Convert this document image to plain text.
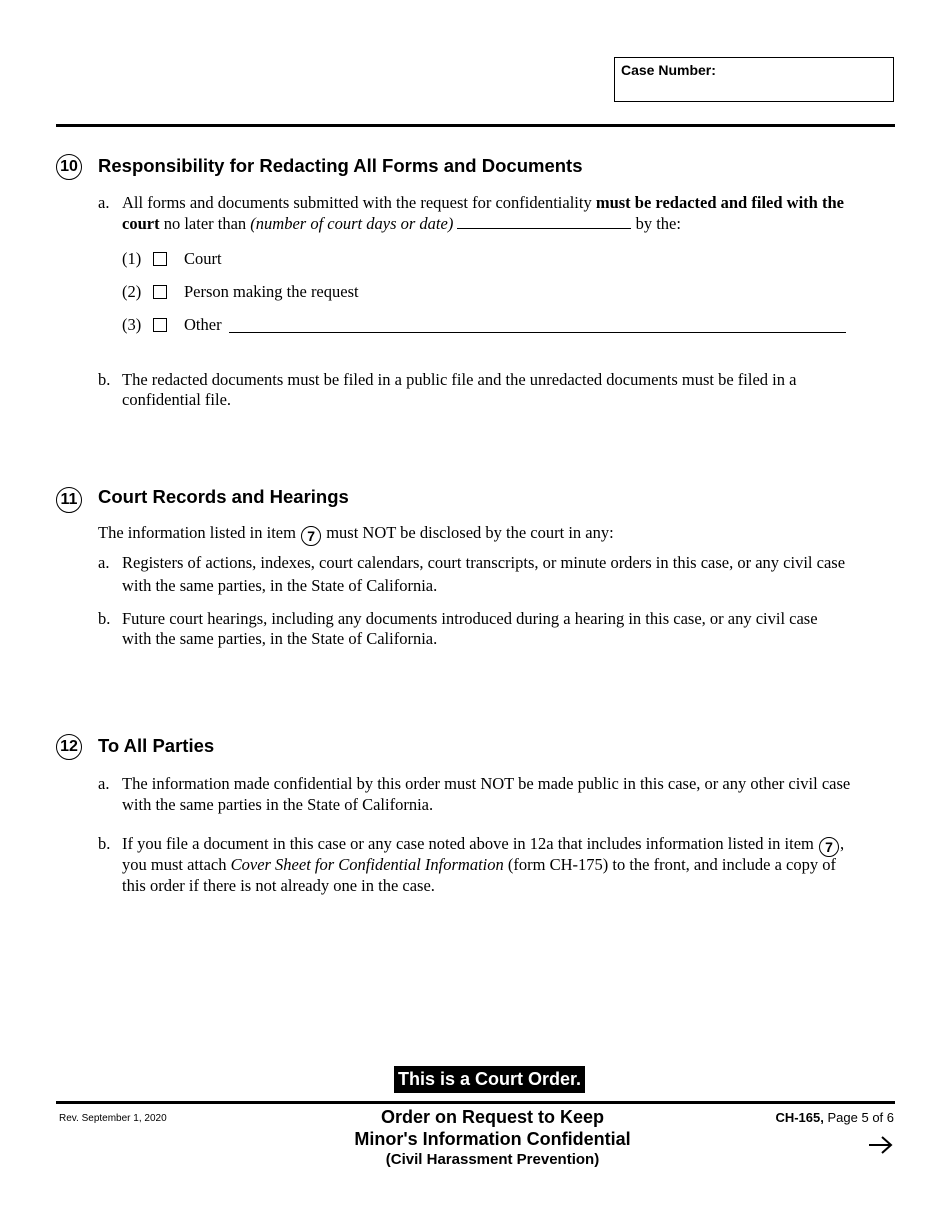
Case Number:
10 Responsibility for Redacting All Forms and Documents
a. All forms and documents submitted with the request for confidentiality must be redacted and filed with the
court no later than (number of court days or date)	by the:
(1)	Court
(2)	Person making the request
(3)	Other
b. The redacted documents must be filed in a public file and the unredacted documents must be filed in a
confidential file.
11 Court Records and Hearings
The information listed in item 7 must NOT be disclosed by the court in any:
a. Registers of actions, indexes, court calendars, court transcripts, or minute orders in this case, or any civil case
with the same parties, in the State of California.
b. Future court hearings, including any documents introduced during a hearing in this case, or any civil case
with the same parties, in the State of California.
12 To All Parties
a. The information made confidential by this order must NOT be made public in this case, or any other civil case
with the same parties in the State of California.
b. If you file a document in this case or any case noted above in 12a that includes information listed in item 7 ,
you must attach Cover Sheet for Confidential Information (form CH-175) to the front, and include a copy of
this order if there is not already one in the case.
This is a Court Order.
Rev. September 1, 2020	Order on Request to Keep
Minor's Information Confidential
(Civil Harassment Prevention)
CH-165, Page 5 of 6
